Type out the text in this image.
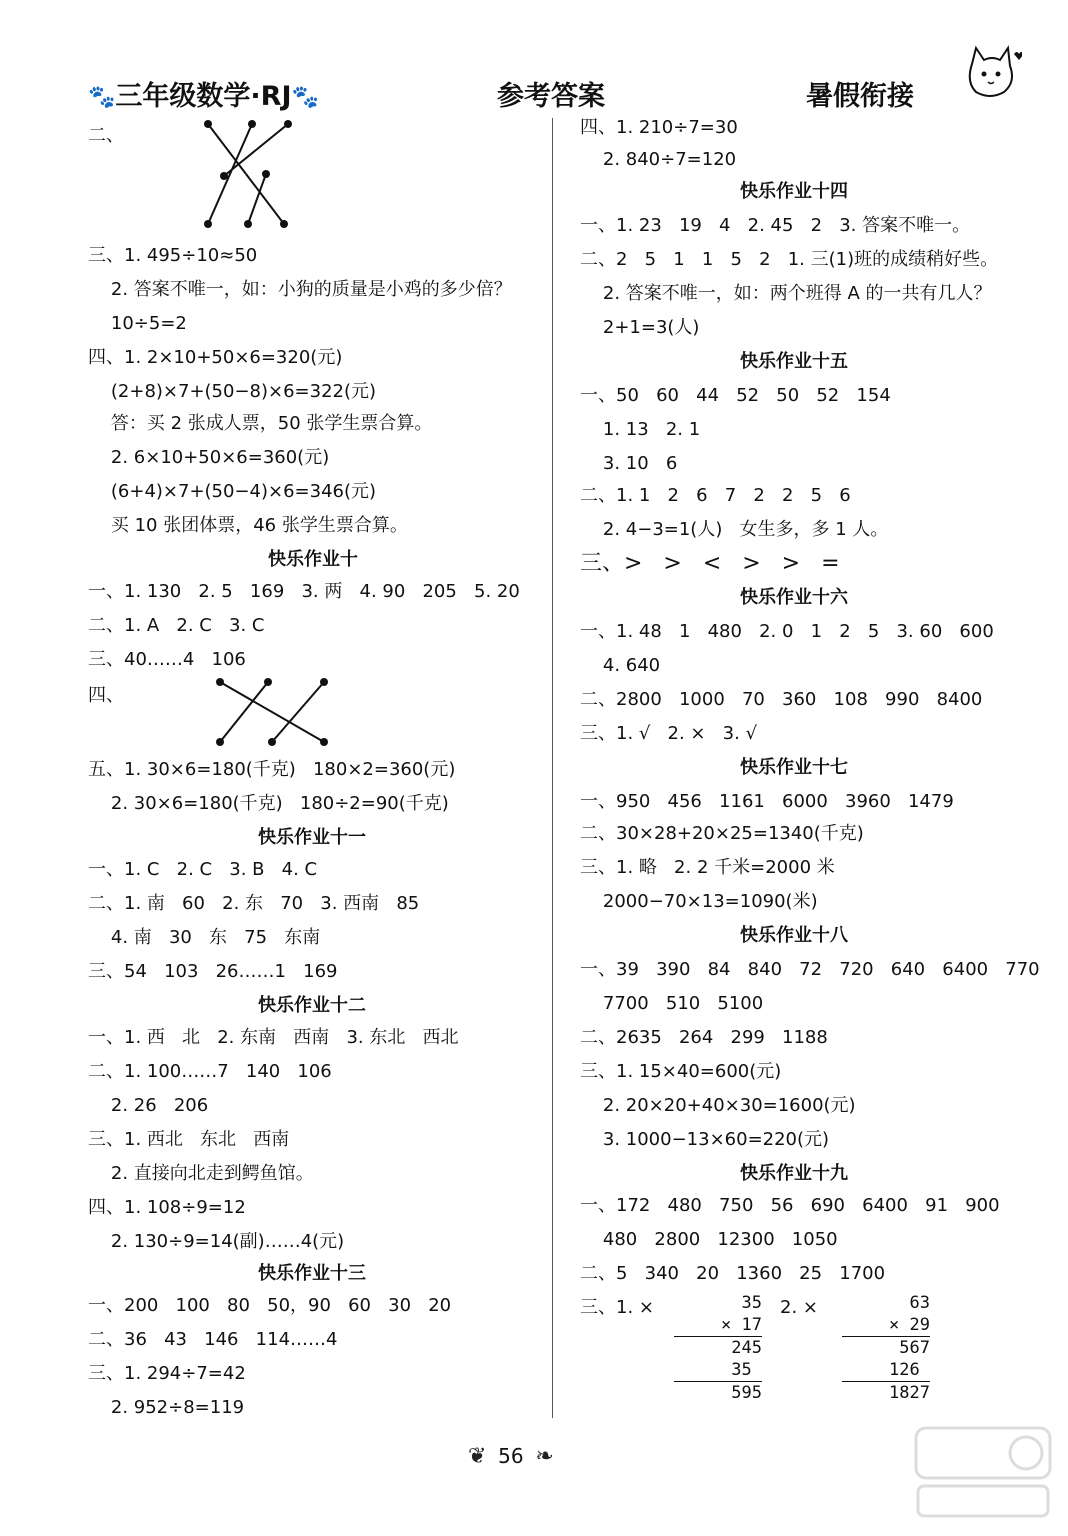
🐾三年级数学·RJ🐾	参考答案	暑假衔接
二、
三、1. 495÷10≈50
2. 答案不唯一，如：小狗的质量是小鸡的多少倍？
10÷5=2
四、1. 2×10+50×6=320(元)
(2+8)×7+(50−8)×6=322(元)
答：买 2 张成人票，50 张学生票合算。
2. 6×10+50×6=360(元)
(6+4)×7+(50−4)×6=346(元)
买 10 张团体票，46 张学生票合算。
快乐作业十
一、1. 130   2. 5   169   3. 两   4. 90   205   5. 20
二、1. A   2. C   3. C
三、40……4   106
四、
五、1. 30×6=180(千克)   180×2=360(元)
2. 30×6=180(千克)   180÷2=90(千克)
快乐作业十一
一、1. C   2. C   3. B   4. C
二、1. 南   60   2. 东   70   3. 西南   85
4. 南   30   东   75   东南
三、54   103   26……1   169
快乐作业十二
一、1. 西   北   2. 东南   西南   3. 东北   西北
二、1. 100……7   140   106
2. 26   206
三、1. 西北   东北   西南
2. 直接向北走到鳄鱼馆。
四、1. 108÷9=12
2. 130÷9=14(副)……4(元)
快乐作业十三
一、200   100   80   50，90   60   30   20
二、36   43   146   114……4
三、1. 294÷7=42
2. 952÷8=119
四、1. 210÷7=30
2. 840÷7=120
快乐作业十四
一、1. 23   19   4   2. 45   2   3. 答案不唯一。
二、2   5   1   1   5   2   1. 三(1)班的成绩稍好些。
2. 答案不唯一，如：两个班得 A 的一共有几人？
2+1=3(人)
快乐作业十五
一、50   60   44   52   50   52   154
1. 13   2. 1
3. 10   6
二、1. 1   2   6   7   2   2   5   6
2. 4−3=1(人)   女生多，多 1 人。
三、>   >   <   >   >   =
快乐作业十六
一、1. 48   1   480   2. 0   1   2   5   3. 60   600
4. 640
二、2800   1000   70   360   108   990   8400
三、1. √   2. ×   3. √
快乐作业十七
一、950   456   1161   6000   3960   1479
二、30×28+20×25=1340(千克)
三、1. 略   2. 2 千米=2000 米
2000−70×13=1090(米)
快乐作业十八
一、39   390   84   840   72   720   640   6400   770
7700   510   5100
二、2635   264   299   1188
三、1. 15×40=600(元)
2. 20×20+40×30=1600(元)
3. 1000−13×60=220(元)
快乐作业十九
一、172   480   750   56   690   6400   91   900
480   2800   12300   1050
二、5   340   20   1360   25   1700
三、1. ×	2. ×
35
× 17
245
35
595
63
× 29
567
126
1827
❦ 56 ❧
